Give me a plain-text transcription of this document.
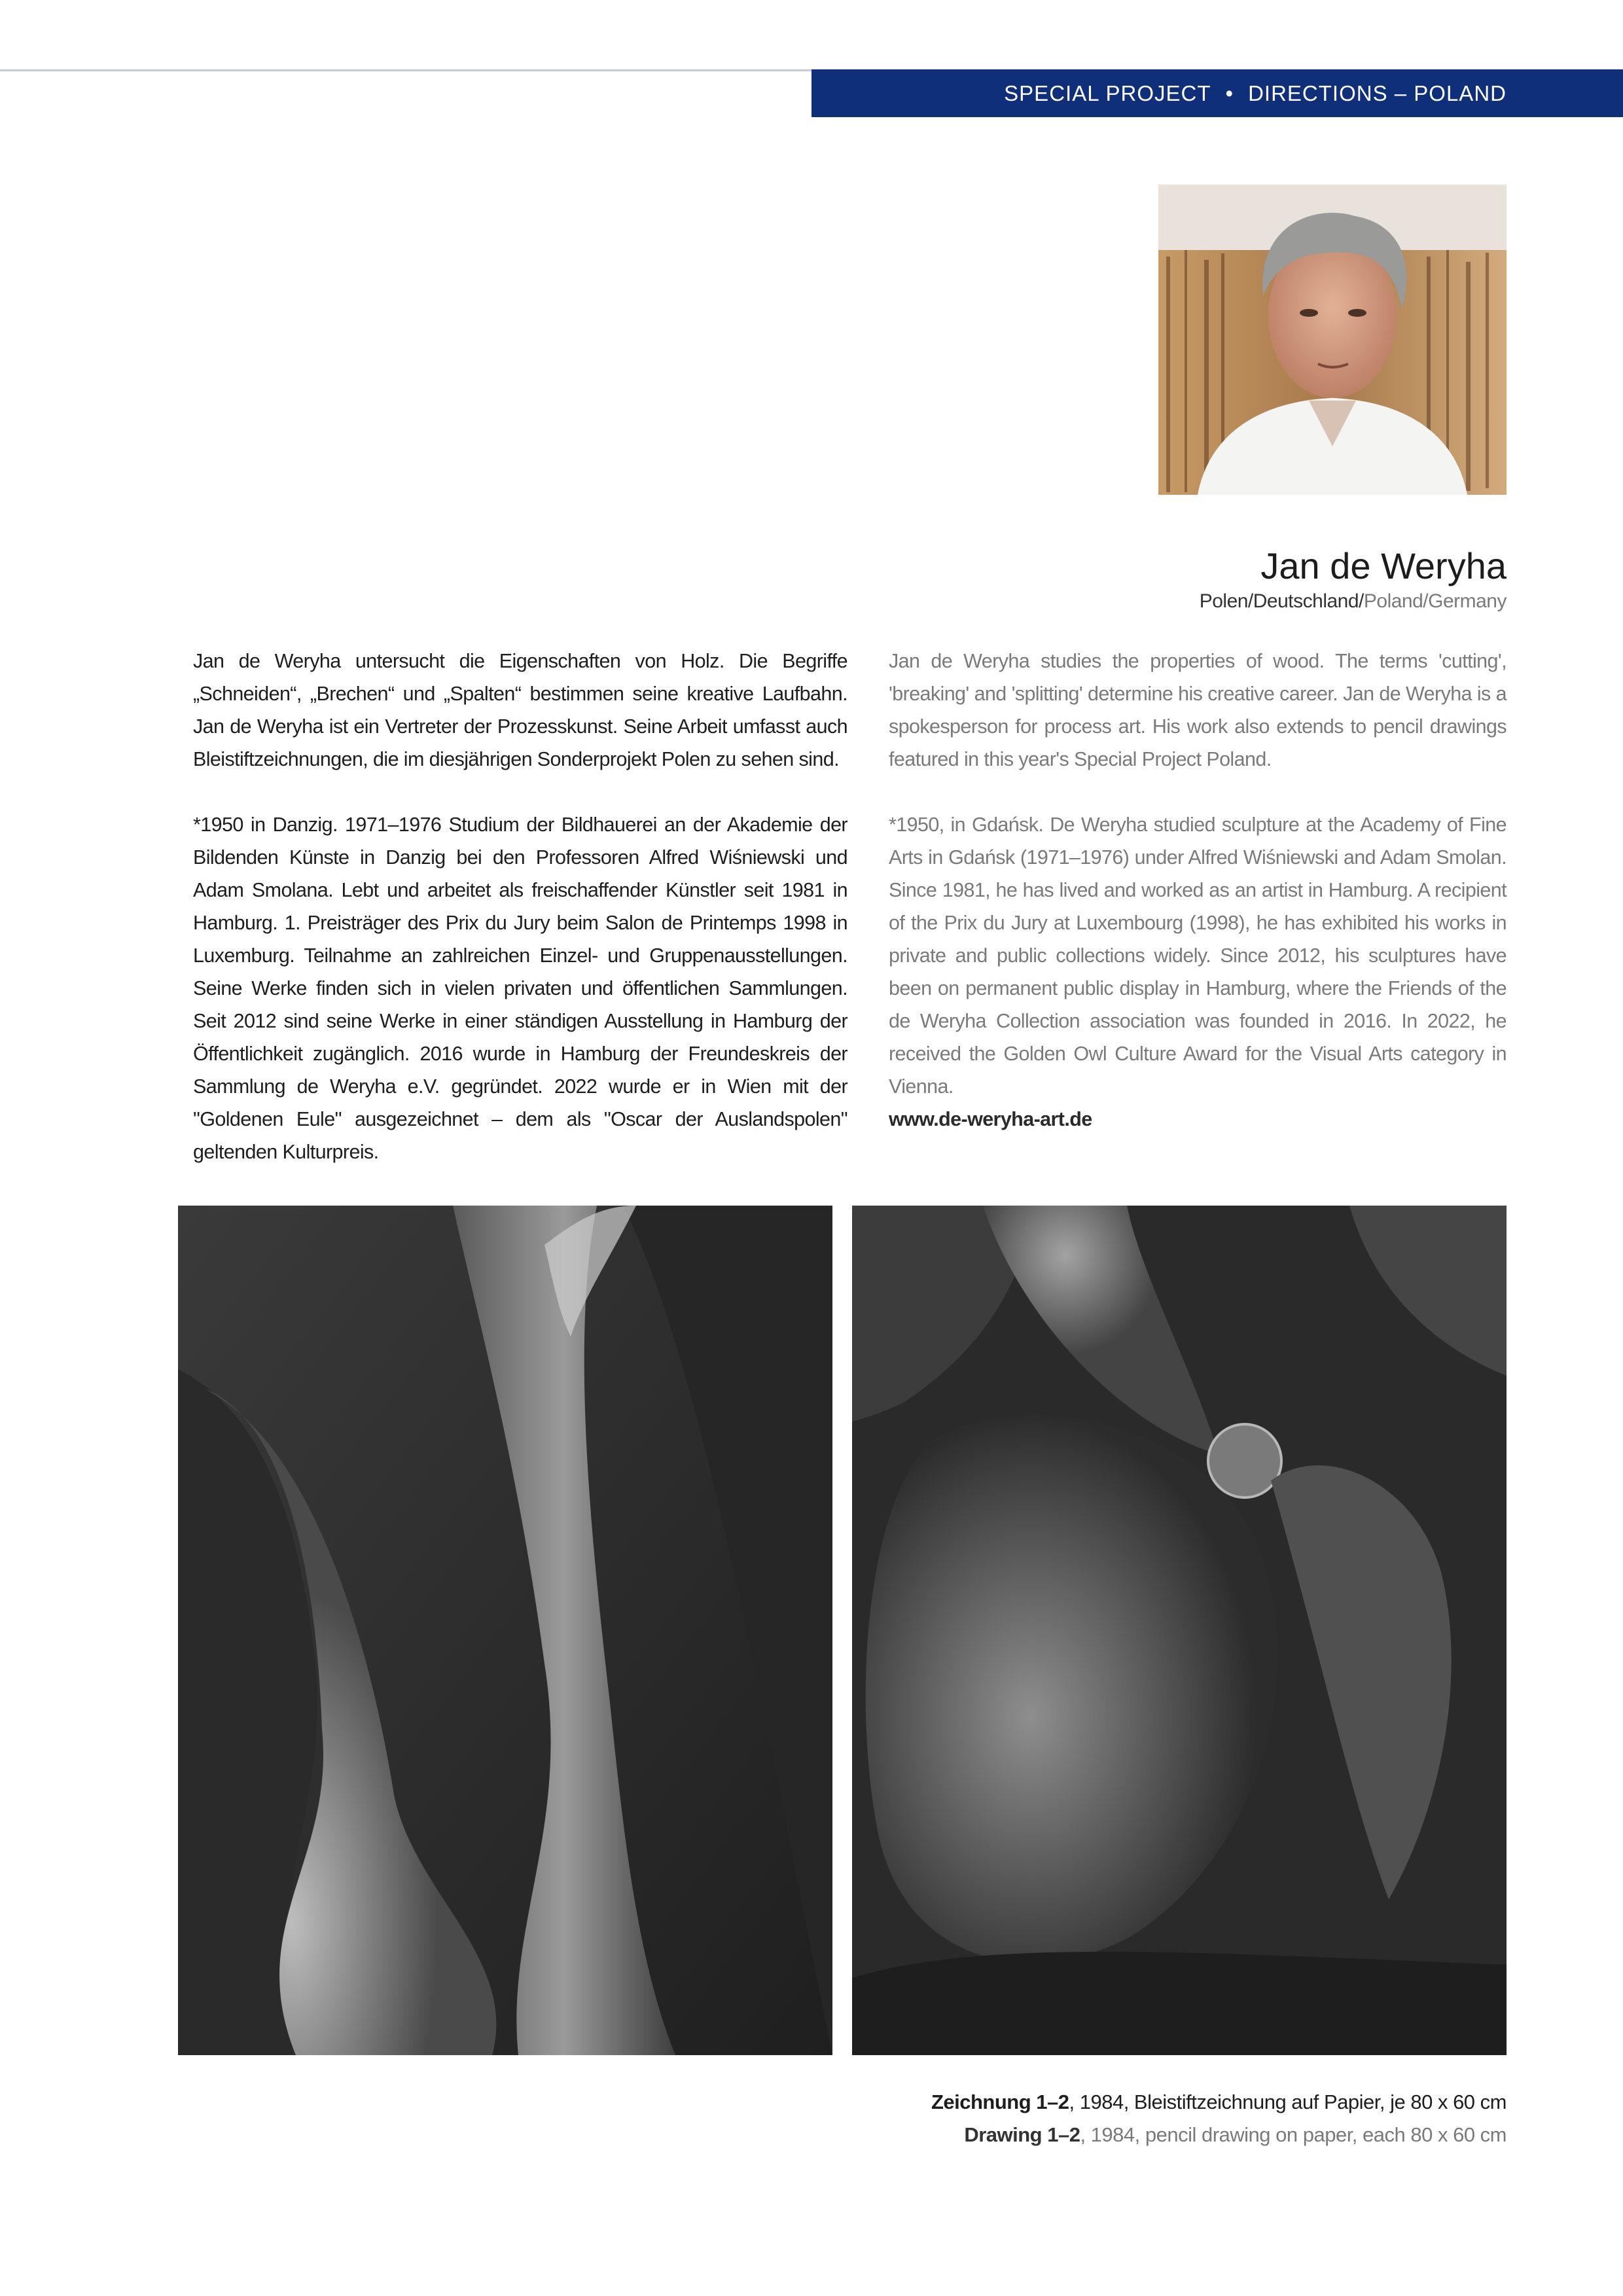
SPECIAL PROJECT • DIRECTIONS – POLAND
Jan de Weryha
Polen/Deutschland/Poland/Germany

Jan de Weryha untersucht die Eigenschaften von Holz. Die Begriffe „Schneiden“, „Brechen“ und „Spalten“ bestimmen seine kreative Laufbahn. Jan de Weryha ist ein Vertreter der Prozesskunst. Seine Arbeit umfasst auch Bleistiftzeichnungen, die im diesjährigen Sonderprojekt Polen zu sehen sind.

*1950 in Danzig. 1971–1976 Studium der Bildhauerei an der Akademie der Bildenden Künste in Danzig bei den Professoren Alfred Wiśniewski und Adam Smolana. Lebt und arbeitet als freischaffender Künstler seit 1981 in Hamburg. 1. Preisträger des Prix du Jury beim Salon de Printemps 1998 in Luxemburg. Teilnahme an zahlreichen Einzel- und Gruppenausstellungen. Seine Werke finden sich in vielen privaten und öffentlichen Sammlungen. Seit 2012 sind seine Werke in einer ständigen Ausstellung in Hamburg der Öffentlichkeit zugänglich. 2016 wurde in Hamburg der Freundeskreis der Sammlung de Weryha e.V. gegründet. 2022 wurde er in Wien mit der "Goldenen Eule" ausgezeichnet – dem als "Oscar der Auslandspolen" geltenden Kulturpreis.

Jan de Weryha studies the properties of wood. The terms 'cutting', 'breaking' and 'splitting' determine his creative career. Jan de Weryha is a spokesperson for process art. His work also extends to pencil drawings featured in this year's Special Project Poland.

*1950, in Gdańsk. De Weryha studied sculpture at the Academy of Fine Arts in Gdańsk (1971–1976) under Alfred Wiśniewski and Adam Smolan. Since 1981, he has lived and worked as an artist in Hamburg. A recipient of the Prix du Jury at Luxembourg (1998), he has exhibited his works in private and public collections widely. Since 2012, his sculptures have been on permanent public display in Hamburg, where the Friends of the de Weryha Collection association was founded in 2016. In 2022, he received the Golden Owl Culture Award for the Visual Arts category in Vienna.

www.de-weryha-art.de
Zeichnung 1–2, 1984, Bleistiftzeichnung auf Papier, je 80 x 60 cm
Drawing 1–2, 1984, pencil drawing on paper, each 80 x 60 cm
